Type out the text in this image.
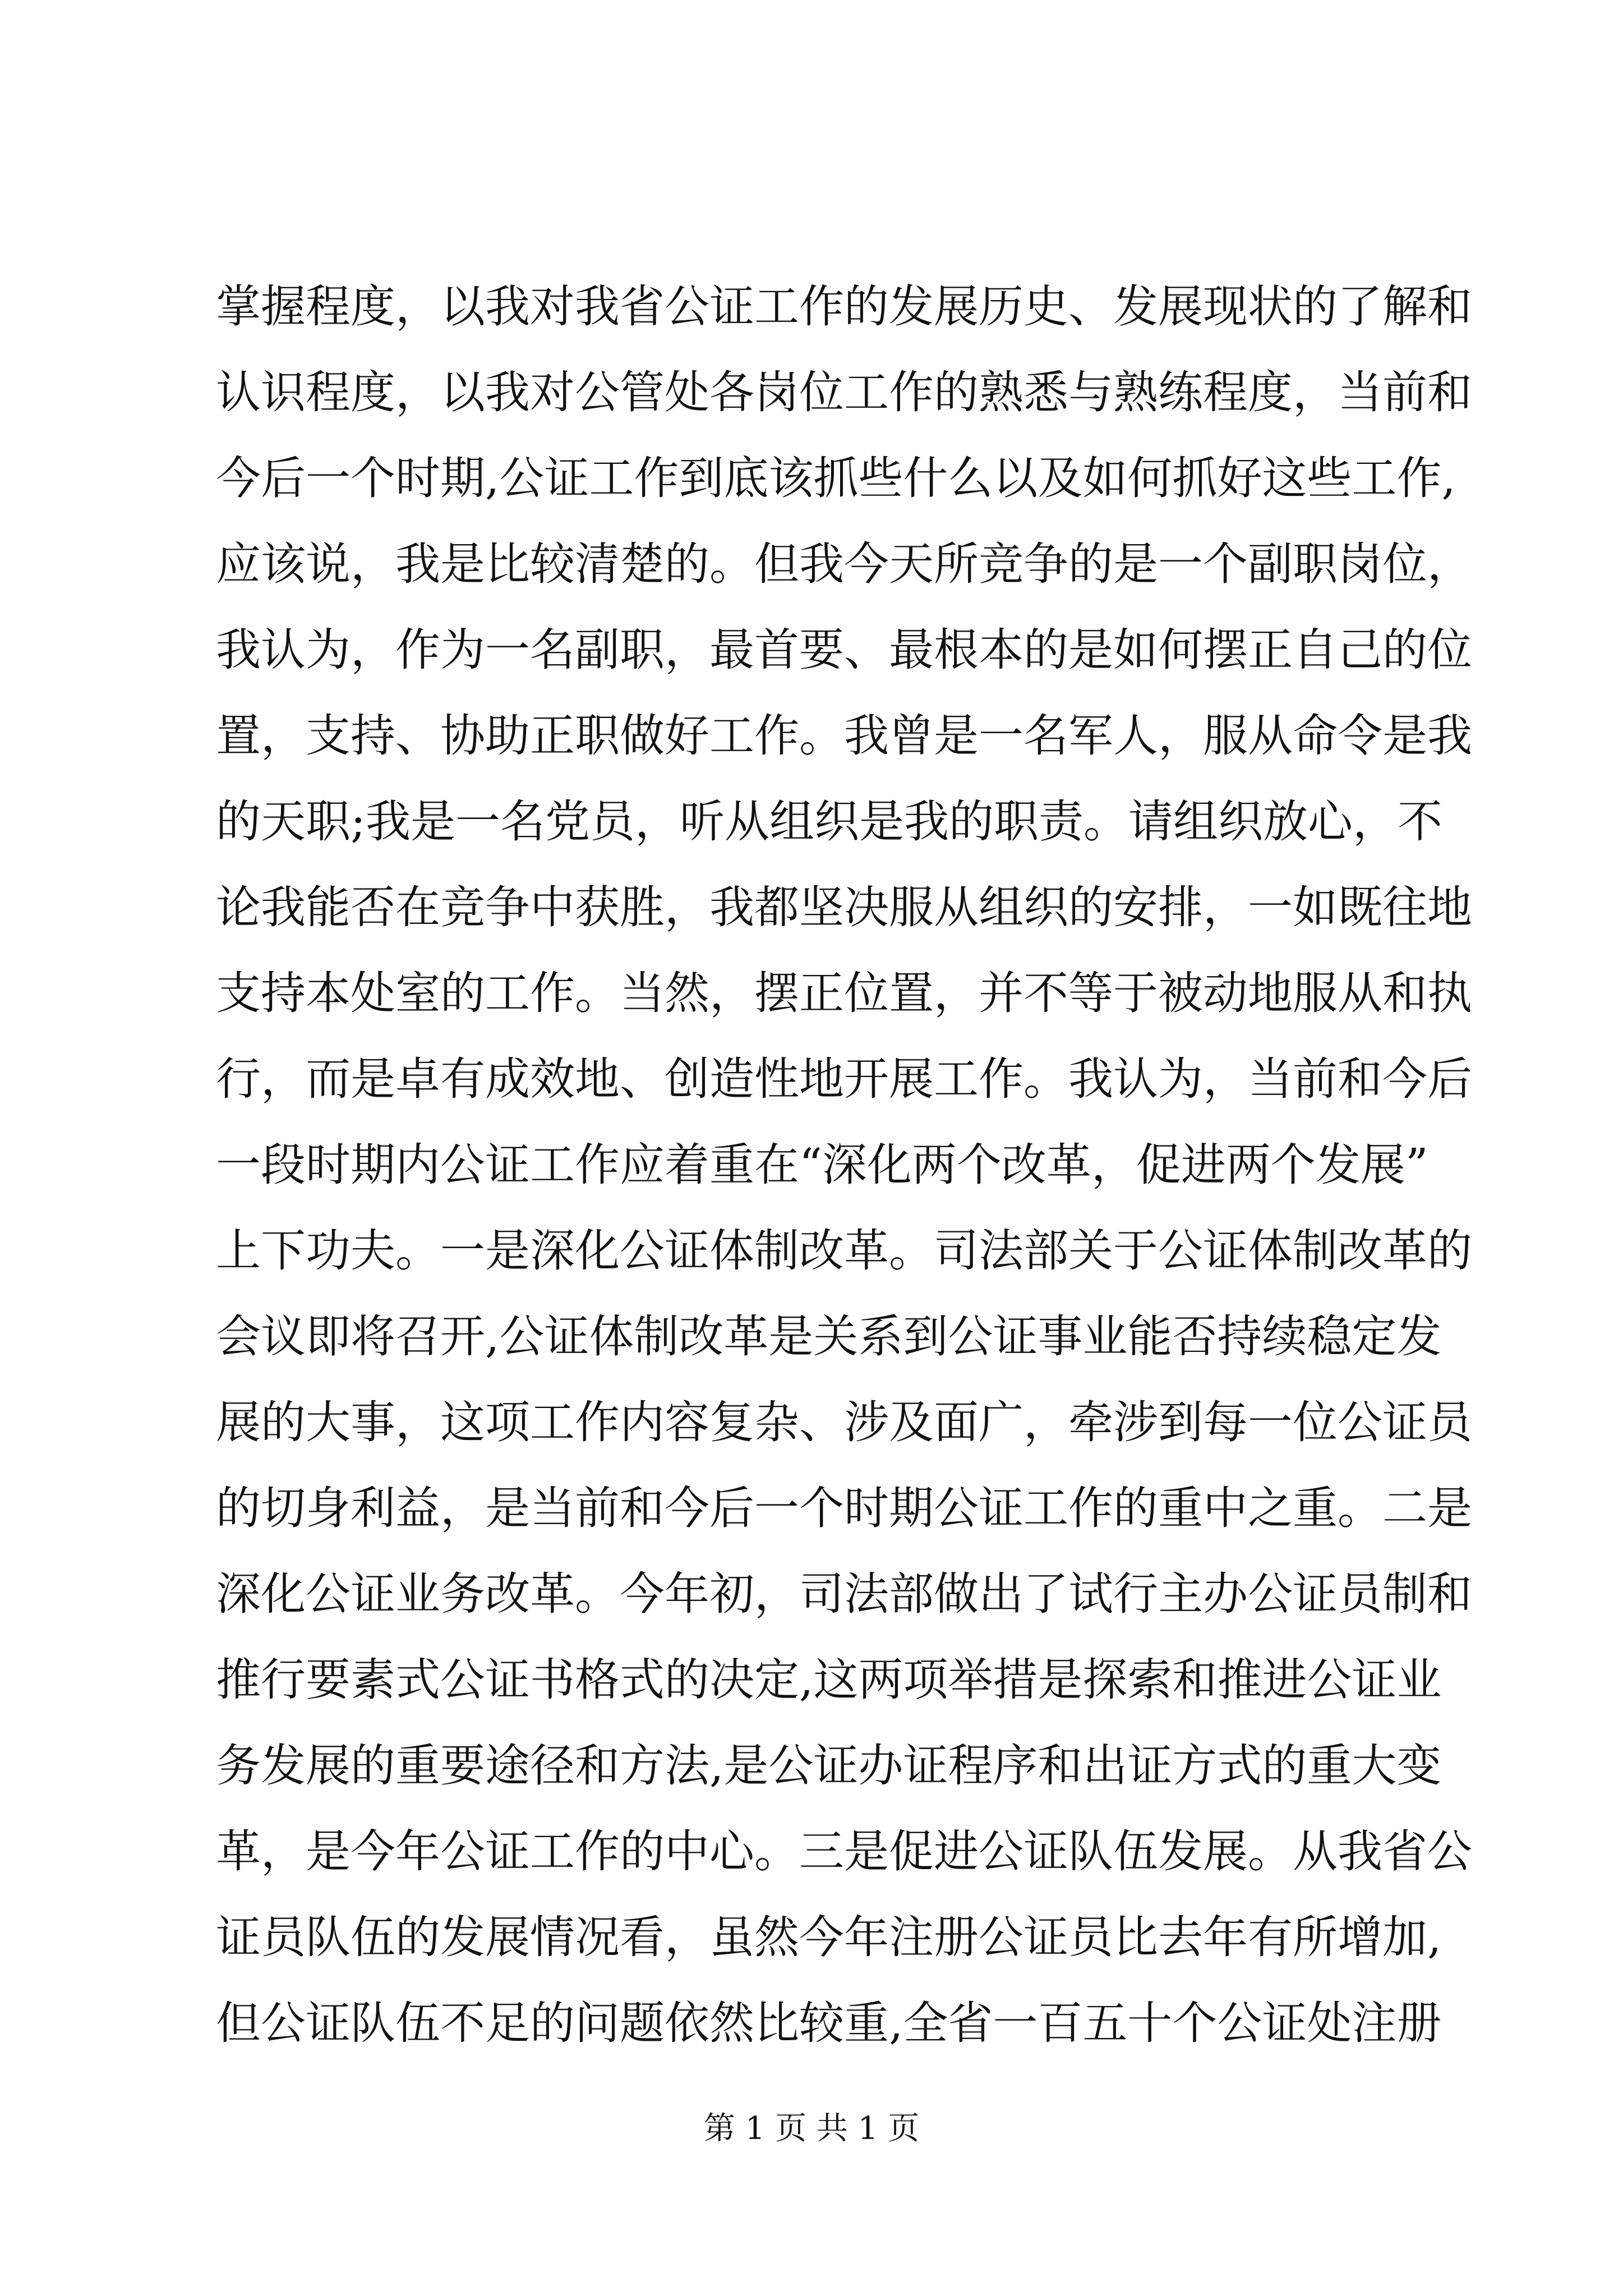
掌握程度，以我对我省公证工作的发展历史、发展现状的了解和
认识程度，以我对公管处各岗位工作的熟悉与熟练程度，当前和
今后一个时期,公证工作到底该抓些什么以及如何抓好这些工作,
应该说，我是比较清楚的。但我今天所竞争的是一个副职岗位，
我认为，作为一名副职，最首要、最根本的是如何摆正自己的位
置，支持、协助正职做好工作。我曾是一名军人，服从命令是我
的天职;我是一名党员，听从组织是我的职责。请组织放心，不
论我能否在竞争中获胜，我都坚决服从组织的安排，一如既往地
支持本处室的工作。当然，摆正位置，并不等于被动地服从和执
行，而是卓有成效地、创造性地开展工作。我认为，当前和今后
一段时期内公证工作应着重在“深化两个改革，促进两个发展”
上下功夫。一是深化公证体制改革。司法部关于公证体制改革的
会议即将召开,公证体制改革是关系到公证事业能否持续稳定发
展的大事，这项工作内容复杂、涉及面广，牵涉到每一位公证员
的切身利益，是当前和今后一个时期公证工作的重中之重。二是
深化公证业务改革。今年初，司法部做出了试行主办公证员制和
推行要素式公证书格式的决定,这两项举措是探索和推进公证业
务发展的重要途径和方法,是公证办证程序和出证方式的重大变
革，是今年公证工作的中心。三是促进公证队伍发展。从我省公
证员队伍的发展情况看，虽然今年注册公证员比去年有所增加,
但公证队伍不足的问题依然比较重,全省一百五十个公证处注册
第 1 页 共 1 页
